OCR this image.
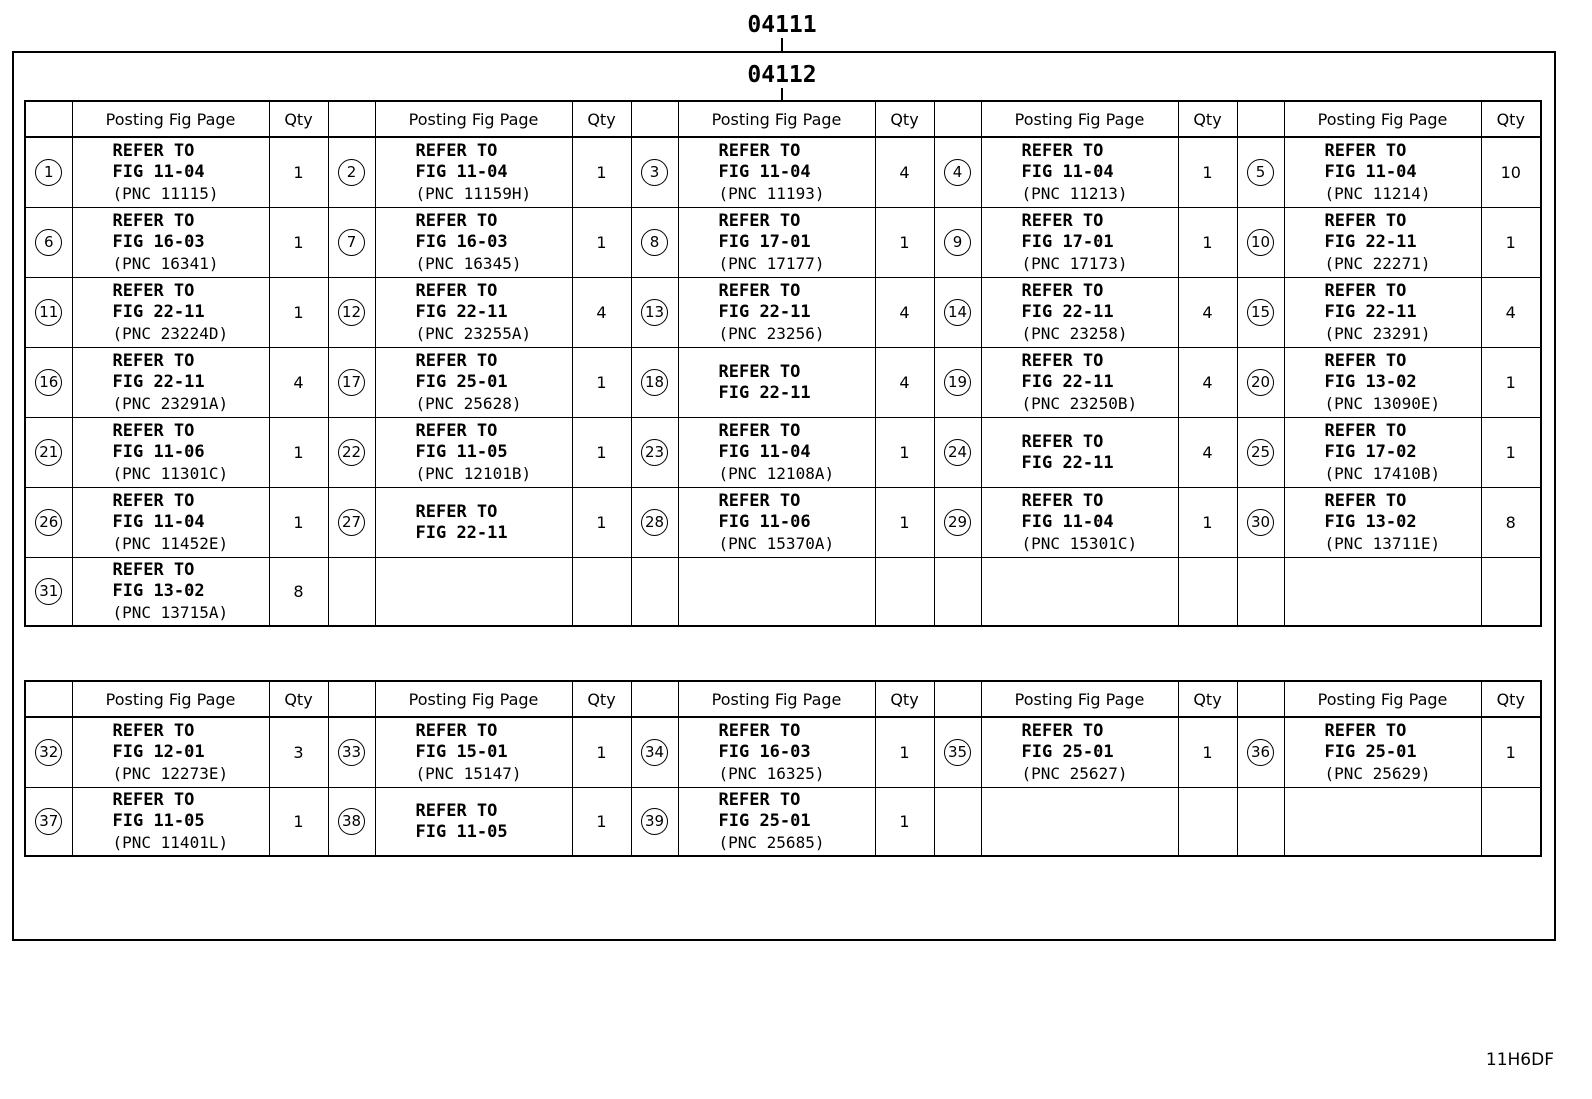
04111
04112
	Posting Fig Page	Qty		Posting Fig Page	Qty		Posting Fig Page	Qty		Posting Fig Page	Qty		Posting Fig Page	Qty
1	REFER TO
FIG 11-04
(PNC 11115)	1	2	REFER TO
FIG 11-04
(PNC 11159H)	1	3	REFER TO
FIG 11-04
(PNC 11193)	4	4	REFER TO
FIG 11-04
(PNC 11213)	1	5	REFER TO
FIG 11-04
(PNC 11214)	10
6	REFER TO
FIG 16-03
(PNC 16341)	1	7	REFER TO
FIG 16-03
(PNC 16345)	1	8	REFER TO
FIG 17-01
(PNC 17177)	1	9	REFER TO
FIG 17-01
(PNC 17173)	1	10	REFER TO
FIG 22-11
(PNC 22271)	1
11	REFER TO
FIG 22-11
(PNC 23224D)	1	12	REFER TO
FIG 22-11
(PNC 23255A)	4	13	REFER TO
FIG 22-11
(PNC 23256)	4	14	REFER TO
FIG 22-11
(PNC 23258)	4	15	REFER TO
FIG 22-11
(PNC 23291)	4
16	REFER TO
FIG 22-11
(PNC 23291A)	4	17	REFER TO
FIG 25-01
(PNC 25628)	1	18	REFER TO
FIG 22-11	4	19	REFER TO
FIG 22-11
(PNC 23250B)	4	20	REFER TO
FIG 13-02
(PNC 13090E)	1
21	REFER TO
FIG 11-06
(PNC 11301C)	1	22	REFER TO
FIG 11-05
(PNC 12101B)	1	23	REFER TO
FIG 11-04
(PNC 12108A)	1	24	REFER TO
FIG 22-11	4	25	REFER TO
FIG 17-02
(PNC 17410B)	1
26	REFER TO
FIG 11-04
(PNC 11452E)	1	27	REFER TO
FIG 22-11	1	28	REFER TO
FIG 11-06
(PNC 15370A)	1	29	REFER TO
FIG 11-04
(PNC 15301C)	1	30	REFER TO
FIG 13-02
(PNC 13711E)	8
31	REFER TO
FIG 13-02
(PNC 13715A)	8												
	Posting Fig Page	Qty		Posting Fig Page	Qty		Posting Fig Page	Qty		Posting Fig Page	Qty		Posting Fig Page	Qty
32	REFER TO
FIG 12-01
(PNC 12273E)	3	33	REFER TO
FIG 15-01
(PNC 15147)	1	34	REFER TO
FIG 16-03
(PNC 16325)	1	35	REFER TO
FIG 25-01
(PNC 25627)	1	36	REFER TO
FIG 25-01
(PNC 25629)	1
37	REFER TO
FIG 11-05
(PNC 11401L)	1	38	REFER TO
FIG 11-05	1	39	REFER TO
FIG 25-01
(PNC 25685)	1						
11H6DF
